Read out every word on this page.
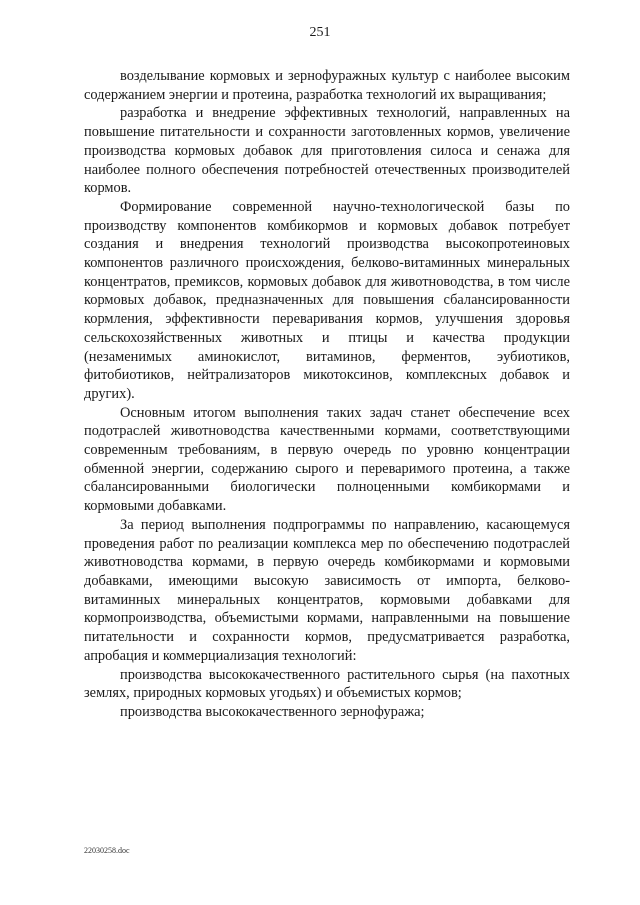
251

возделывание кормовых и зернофуражных культур с наиболее высоким содержанием энергии и протеина, разработка технологий их выращивания;

разработка и внедрение эффективных технологий, направленных на повышение питательности и сохранности заготовленных кормов, увеличение производства кормовых добавок для приготовления силоса и сенажа для наиболее полного обеспечения потребностей отечественных производителей кормов.

Формирование современной научно-технологической базы по производству компонентов комбикормов и кормовых добавок потребует создания и внедрения технологий производства высокопротеиновых компонентов различного происхождения, белково-витаминных минеральных концентратов, премиксов, кормовых добавок для животноводства, в том числе кормовых добавок, предназначенных для повышения сбалансированности кормления, эффективности переваривания кормов, улучшения здоровья сельскохозяйственных животных и птицы и качества продукции (незаменимых аминокислот, витаминов, ферментов, эубиотиков, фитобиотиков, нейтрализаторов микотоксинов, комплексных добавок и других).

Основным итогом выполнения таких задач станет обеспечение всех подотраслей животноводства качественными кормами, соответствующими современным требованиям, в первую очередь по уровню концентрации обменной энергии, содержанию сырого и переваримого протеина, а также сбалансированными биологически полноценными комбикормами и кормовыми добавками.

За период выполнения подпрограммы по направлению, касающемуся проведения работ по реализации комплекса мер по обеспечению подотраслей животноводства кормами, в первую очередь комбикормами и кормовыми добавками, имеющими высокую зависимость от импорта, белково-витаминных минеральных концентратов, кормовыми добавками для кормопроизводства, объемистыми кормами, направленными на повышение питательности и сохранности кормов, предусматривается разработка, апробация и коммерциализация технологий:

производства высококачественного растительного сырья (на пахотных землях, природных кормовых угодьях) и объемистых кормов;

производства высококачественного зернофуража;

22030258.doc
